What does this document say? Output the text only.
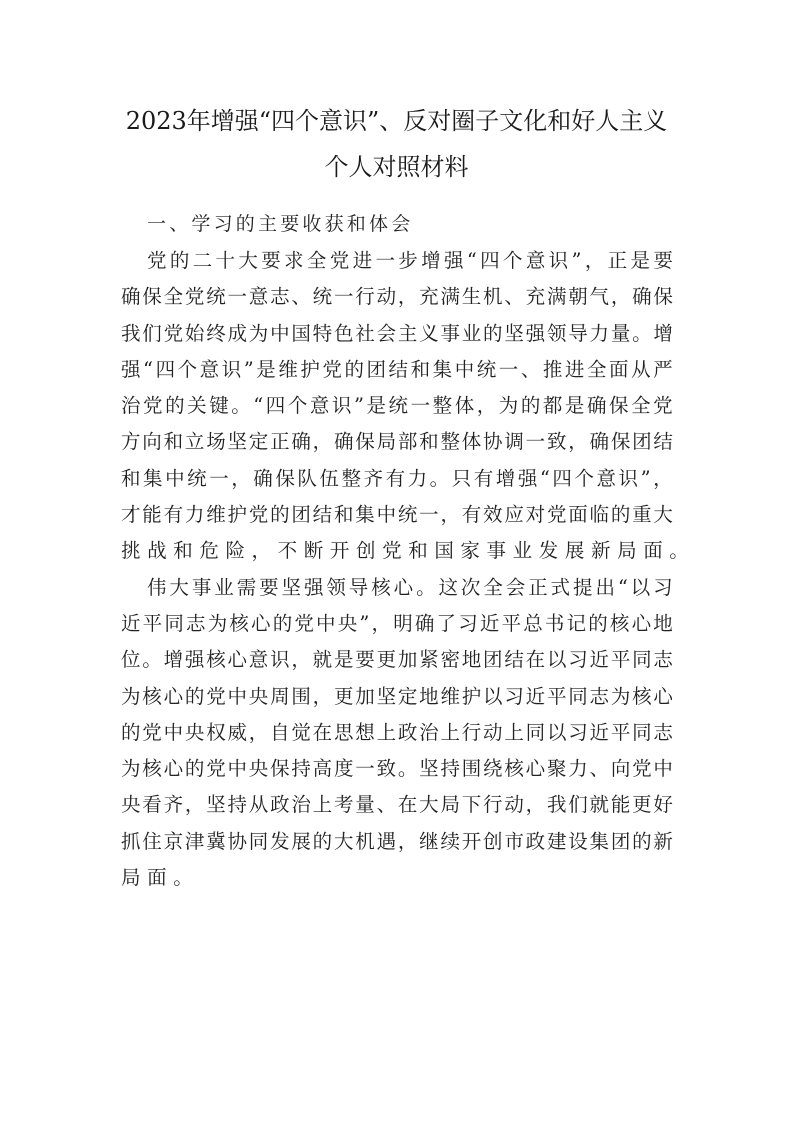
2023年增强“四个意识”、反对圈子文化和好人主义
个人对照材料
一、学习的主要收获和体会
党 的 二 十 大 要 求 全 党 进 一 步 增 强 “ 四 个 意 识 ” ， 正 是 要
确 保 全 党 统 一 意 志 、 统 一 行 动 ， 充 满 生 机 、 充 满 朝 气 ， 确 保
我 们 党 始 终 成 为 中 国 特 色 社 会 主 义 事 业 的 坚 强 领 导 力 量 。 增
强 “ 四 个 意 识 ” 是 维 护 党 的 团 结 和 集 中 统 一 、 推 进 全 面 从 严
治 党 的 关 键 。 “ 四 个 意 识 ” 是 统 一 整 体 ， 为 的 都 是 确 保 全 党
方 向 和 立 场 坚 定 正 确 ， 确 保 局 部 和 整 体 协 调 一 致 ， 确 保 团 结
和 集 中 统 一 ， 确 保 队 伍 整 齐 有 力 。 只 有 增 强 “ 四 个 意 识 ” ，
才 能 有 力 维 护 党 的 团 结 和 集 中 统 一 ， 有 效 应 对 党 面 临 的 重 大
挑 战 和 危 险 ， 不 断 开 创 党 和 国 家 事 业 发 展 新 局 面 。
伟 大 事 业 需 要 坚 强 领 导 核 心 。 这 次 全 会 正 式 提 出 “ 以 习
近 平 同 志 为 核 心 的 党 中 央 ” ， 明 确 了 习 近 平 总 书 记 的 核 心 地
位 。 增 强 核 心 意 识 ， 就 是 要 更 加 紧 密 地 团 结 在 以 习 近 平 同 志
为 核 心 的 党 中 央 周 围 ， 更 加 坚 定 地 维 护 以 习 近 平 同 志 为 核 心
的 党 中 央 权 威 ， 自 觉 在 思 想 上 政 治 上 行 动 上 同 以 习 近 平 同 志
为 核 心 的 党 中 央 保 持 高 度 一 致 。 坚 持 围 绕 核 心 聚 力 、 向 党 中
央 看 齐 ， 坚 持 从 政 治 上 考 量 、 在 大 局 下 行 动 ， 我 们 就 能 更 好
抓 住 京 津 冀 协 同 发 展 的 大 机 遇 ， 继 续 开 创 市 政 建 设 集 团 的 新
局 面 。
